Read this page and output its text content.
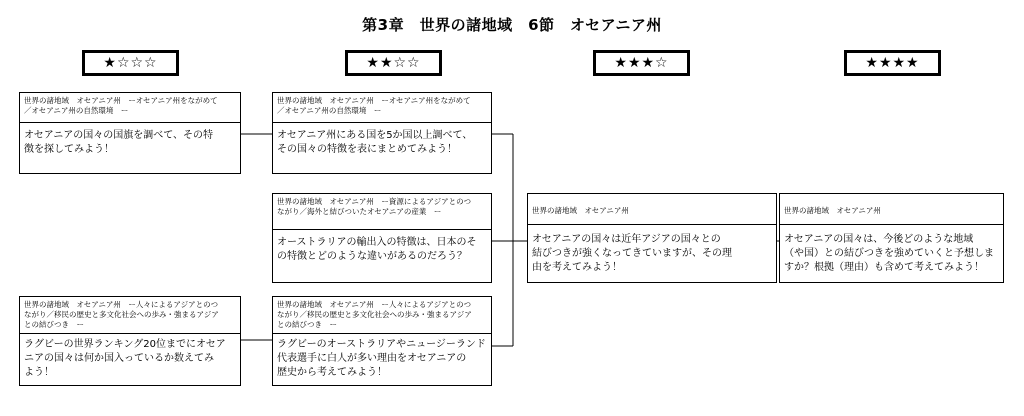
第3章　世界の諸地域　6節　オセアニア州
★☆☆☆	★★☆☆	★★★☆	★★★★
世界の諸地域　オセアニア州　ーオセアニア州をながめて
／オセアニア州の自然環境　ー
オセアニアの国々の国旗を調べて、その特
徴を探してみよう！
世界の諸地域　オセアニア州　ーオセアニア州をながめて
／オセアニア州の自然環境　ー
オセアニア州にある国を5か国以上調べて、
その国々の特徴を表にまとめてみよう！
世界の諸地域　オセアニア州　ー資源によるアジアとのつ
ながり／海外と結びついたオセアニアの産業　ー
オーストラリアの輸出入の特徴は、日本のそ
の特徴とどのような違いがあるのだろう？
世界の諸地域　オセアニア州　ー人々によるアジアとのつ
ながり／移民の歴史と多文化社会への歩み・強まるアジア
との結びつき　ー
ラグビーの世界ランキング20位までにオセア
ニアの国々は何か国入っているか数えてみ
よう！
世界の諸地域　オセアニア州　ー人々によるアジアとのつ
ながり／移民の歴史と多文化社会への歩み・強まるアジア
との結びつき　ー
ラグビーのオーストラリアやニュージーランド
代表選手に白人が多い理由をオセアニアの
歴史から考えてみよう！
世界の諸地域　オセアニア州
オセアニアの国々は近年アジアの国々との
結びつきが強くなってきていますが、その理
由を考えてみよう！
世界の諸地域　オセアニア州
オセアニアの国々は、今後どのような地域
（や国）との結びつきを強めていくと予想しま
すか？根拠（理由）も含めて考えてみよう！
